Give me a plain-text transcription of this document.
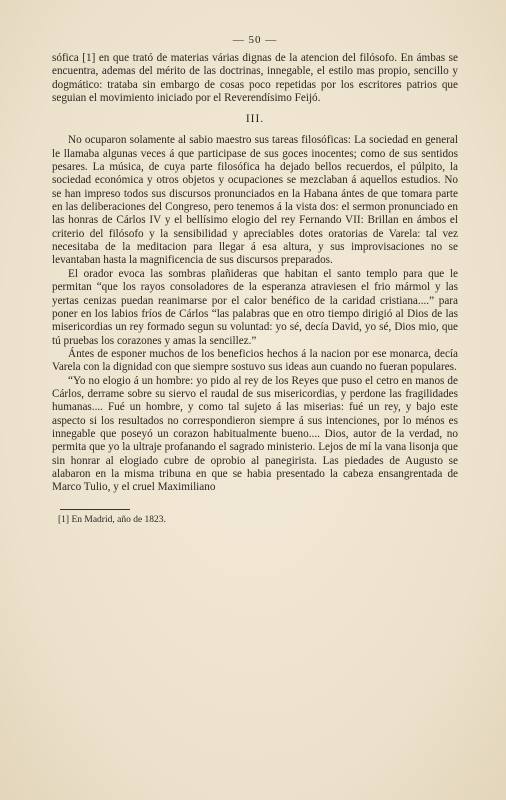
— 50 —

sófica [1] en que trató de materias várias dignas de la atencion del filósofo. En ámbas se encuentra, ademas del mérito de las doctrinas, innegable, el estilo mas propio, sencillo y dogmático: trataba sin embargo de cosas poco repetidas por los escritores patrios que seguian el movimiento iniciado por el Reverendísimo Feijó.

III.

No ocuparon solamente al sabio maestro sus tareas filosóficas: La sociedad en general le llamaba algunas veces á que participase de sus goces inocentes; como de sus sentidos pesares. La música, de cuya parte filosófica ha dejado bellos recuerdos, el púlpito, la sociedad económica y otros objetos y ocupaciones se mezclaban á aquellos estudios. No se han impreso todos sus discursos pronunciados en la Habana ántes de que tomara parte en las deliberaciones del Congreso, pero tenemos á la vista dos: el sermon pronunciado en las honras de Cárlos IV y el bellísimo elogio del rey Fernando VII: Brillan en ámbos el criterio del filósofo y la sensibilidad y apreciables dotes oratorias de Varela: tal vez necesitaba de la meditacion para llegar á esa altura, y sus improvisaciones no se levantaban hasta la magnificencia de sus discursos preparados.

El orador evoca las sombras plañideras que habitan el santo templo para que le permitan “que los rayos consoladores de la esperanza atraviesen el frio mármol y las yertas cenizas puedan reanimarse por el calor benéfico de la caridad cristiana....” para poner en los labios fríos de Cárlos “las palabras que en otro tiempo dirigió al Dios de las misericordias un rey formado segun su voluntad: yo sé, decía David, yo sé, Dios mio, que tú pruebas los corazones y amas la sencillez.”

Ántes de esponer muchos de los beneficios hechos á la nacion por ese monarca, decía Varela con la dignidad con que siempre sostuvo sus ideas aun cuando no fueran populares.

“Yo no elogio á un hombre: yo pido al rey de los Reyes que puso el cetro en manos de Cárlos, derrame sobre su siervo el raudal de sus misericordias, y perdone las fragilidades humanas.... Fué un hombre, y como tal sujeto á las miserias: fué un rey, y bajo este aspecto si los resultados no correspondieron siempre á sus intenciones, por lo ménos es innegable que poseyó un corazon habitualmente bueno.... Dios, autor de la verdad, no permita que yo la ultraje profanando el sagrado ministerio. Lejos de mí la vana lisonja que sin honrar al elogiado cubre de oprobio al panegirista. Las piedades de Augusto se alabaron en la misma tribuna en que se habia presentado la cabeza ensangrentada de Marco Tulio, y el cruel Maximiliano

[1] En Madrid, año de 1823.
